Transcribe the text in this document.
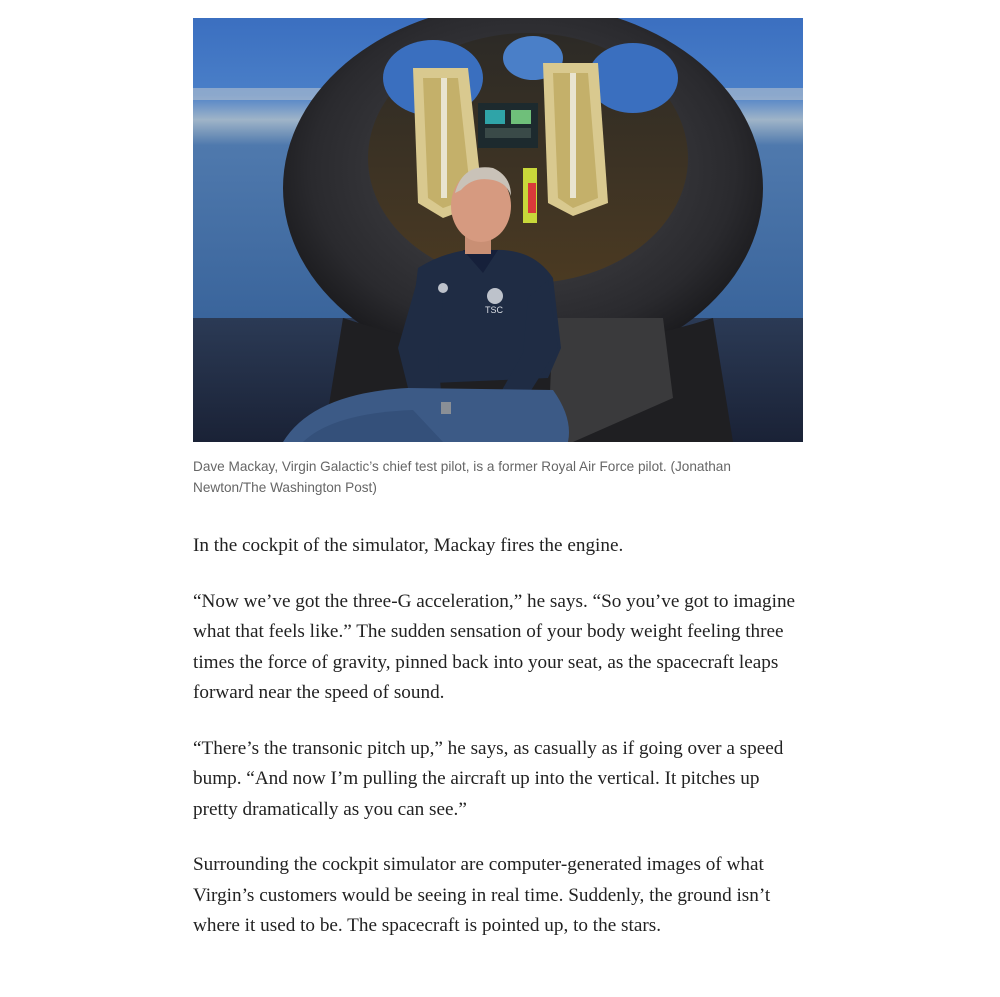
TSC
Dave Mackay, Virgin Galactic’s chief test pilot, is a former Royal Air Force pilot. (Jonathan Newton/The Washington Post)

In the cockpit of the simulator, Mackay fires the engine.

“Now we’ve got the three-G acceleration,” he says. “So you’ve got to imagine what that feels like.” The sudden sensation of your body weight feeling three times the force of gravity, pinned back into your seat, as the spacecraft leaps forward near the speed of sound.

“There’s the transonic pitch up,” he says, as casually as if going over a speed bump. “And now I’m pulling the aircraft up into the vertical. It pitches up pretty dramatically as you can see.”

Surrounding the cockpit simulator are computer-generated images of what Virgin’s customers would be seeing in real time. Suddenly, the ground isn’t where it used to be. The spacecraft is pointed up, to the stars.
